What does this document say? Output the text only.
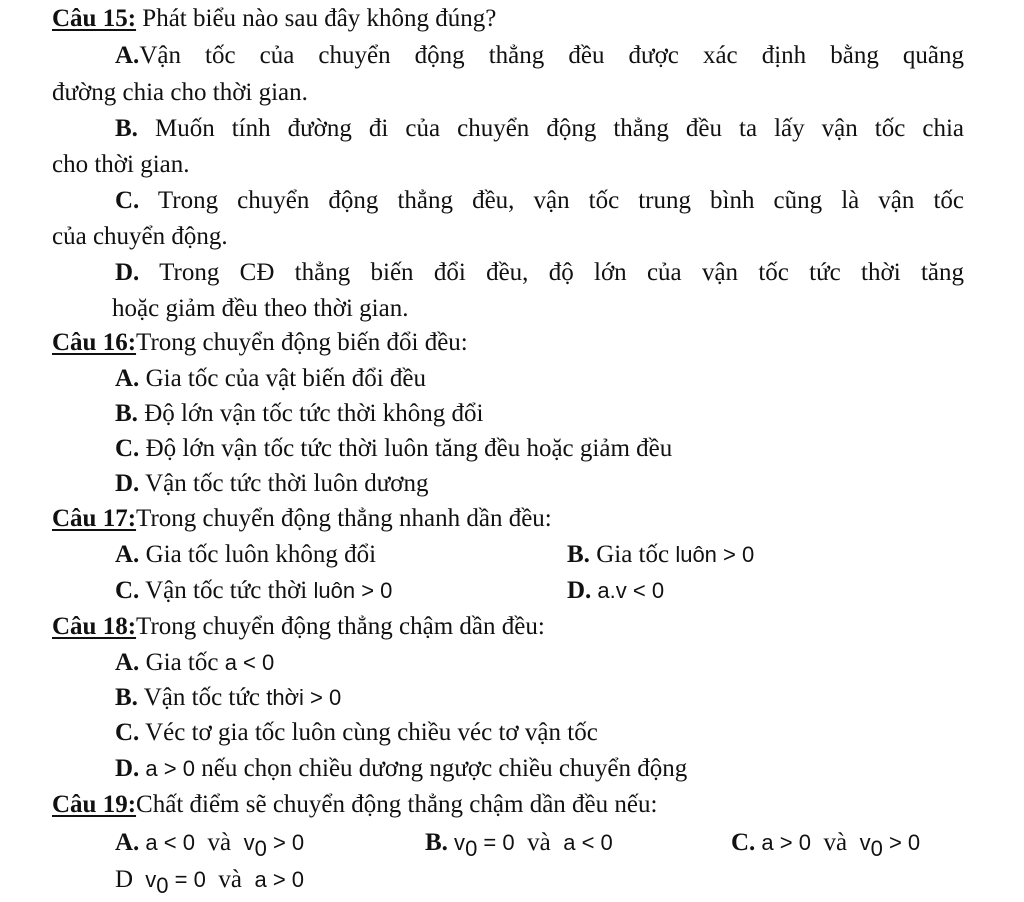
Câu 15: Phát biểu nào sau đây không đúng?
A.Vận tốc của chuyển động thẳng đều được xác định bằng quãng
đường chia cho thời gian.
B. Muốn tính đường đi của chuyển động thẳng đều ta lấy vận tốc chia
cho thời gian.
C. Trong chuyển động thẳng đều, vận tốc trung bình cũng là vận tốc
của chuyển động.
D. Trong CĐ thẳng biến đổi đều, độ lớn của vận tốc tức thời tăng
hoặc giảm đều theo thời gian.
Câu 16:Trong chuyển động biến đổi đều:
A. Gia tốc của vật biến đổi đều
B. Độ lớn vận tốc tức thời không đổi
C. Độ lớn vận tốc tức thời luôn tăng đều hoặc giảm đều
D. Vận tốc tức thời luôn dương
Câu 17:Trong chuyển động thẳng nhanh dần đều:
A. Gia tốc luôn không đổi	B. Gia tốc luôn > 0
C. Vận tốc tức thời luôn > 0	D. a.v < 0
Câu 18:Trong chuyển động thẳng chậm dần đều:
A. Gia tốc a < 0
B. Vận tốc tức thời > 0
C. Véc tơ gia tốc luôn cùng chiều véc tơ vận tốc
D. a > 0 nếu chọn chiều dương ngược chiều chuyển động
Câu 19:Chất điểm sẽ chuyển động thẳng chậm dần đều nếu:
A. a < 0  và  $v_0 > 0$	B. $v_0 = 0$  và  a < 0	C. a > 0  và  $v_0 > 0$
D  $v_0 = 0$  và  a > 0
